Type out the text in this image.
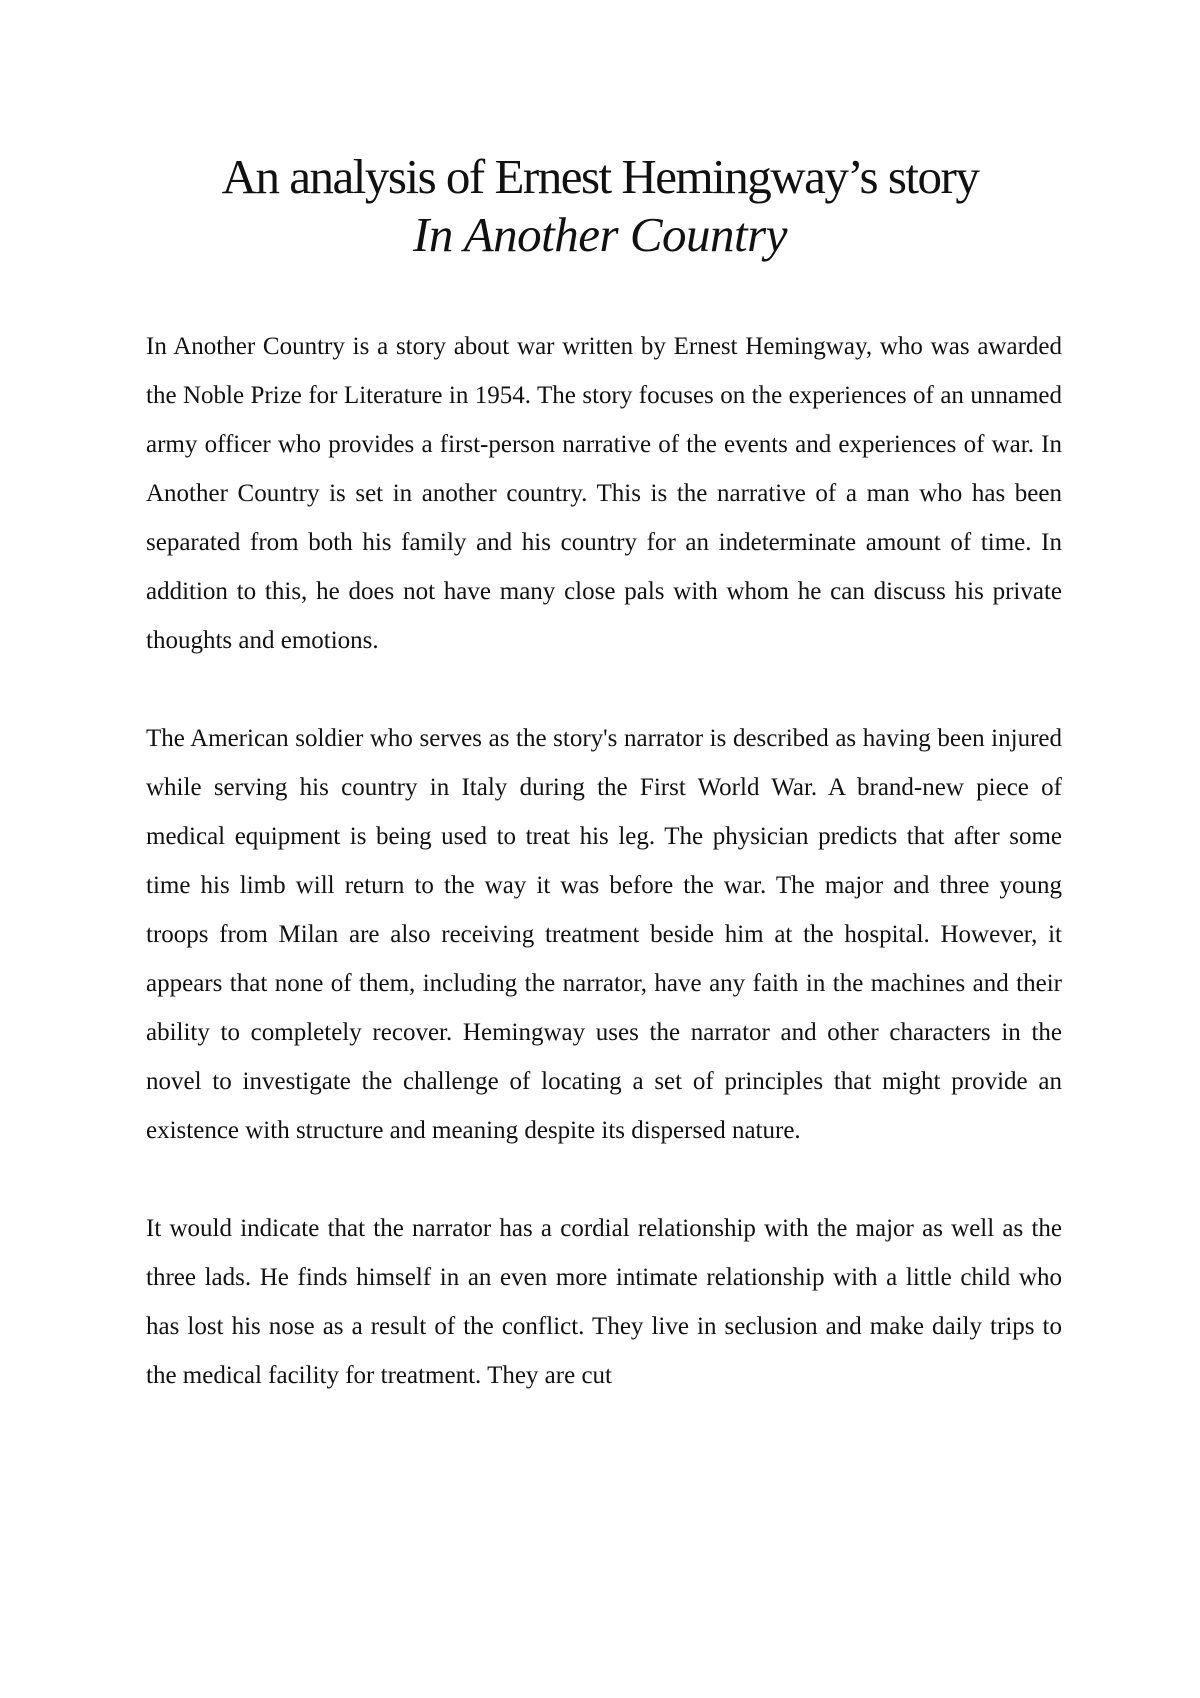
An analysis of Ernest Hemingway’s story
In Another Country

In Another Country is a story about war written by Ernest Hemingway, who was awarded the Noble Prize for Literature in 1954. The story focuses on the experiences of an unnamed army officer who provides a first-person narrative of the events and experiences of war. In Another Country is set in another country. This is the narrative of a man who has been separated from both his family and his country for an indeterminate amount of time. In addition to this, he does not have many close pals with whom he can discuss his private thoughts and emotions.

The American soldier who serves as the story's narrator is described as having been injured while serving his country in Italy during the First World War. A brand-new piece of medical equipment is being used to treat his leg. The physician predicts that after some time his limb will return to the way it was before the war. The major and three young troops from Milan are also receiving treatment beside him at the hospital. However, it appears that none of them, including the narrator, have any faith in the machines and their ability to completely recover. Hemingway uses the narrator and other characters in the novel to investigate the challenge of locating a set of principles that might provide an existence with structure and meaning despite its dispersed nature.

It would indicate that the narrator has a cordial relationship with the major as well as the three lads. He finds himself in an even more intimate relationship with a little child who has lost his nose as a result of the conflict. They live in seclusion and make daily trips to the medical facility for treatment. They are cut
